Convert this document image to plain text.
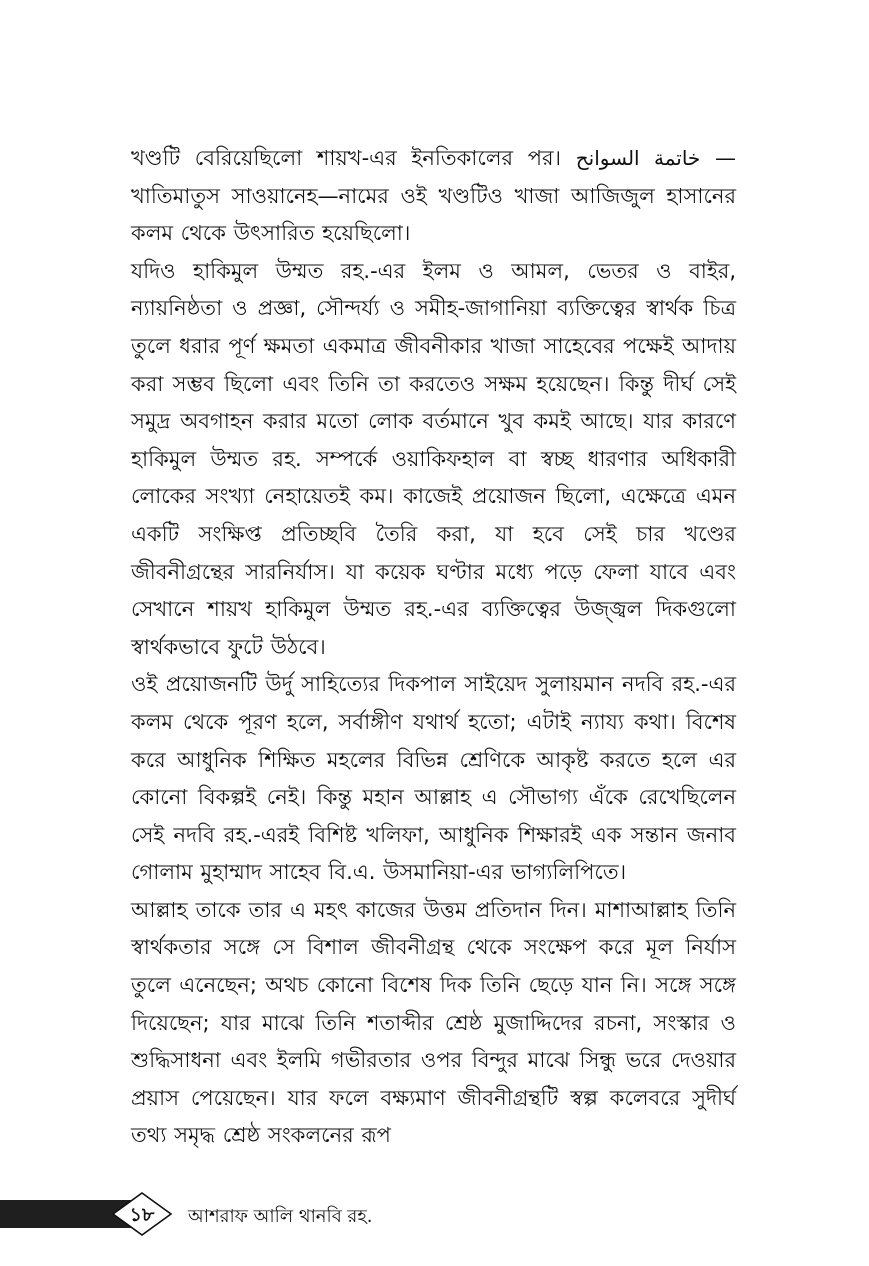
খণ্ডটি বেরিয়েছিলো শায়খ-এর ইনতিকালের পর। خاتمة السوانح —খাতিমাতুস সাওয়ানেহ—নামের ওই খণ্ডটিও খাজা আজিজুল হাসানের কলম থেকে উৎসারিত হয়েছিলো।

যদিও হাকিমুল উম্মত রহ.-এর ইলম ও আমল, ভেতর ও বাইর, ন্যায়নিষ্ঠতা ও প্রজ্ঞা, সৌন্দর্য্য ও সমীহ-জাগানিয়া ব্যক্তিত্বের স্বার্থক চিত্র তুলে ধরার পূর্ণ ক্ষমতা একমাত্র জীবনীকার খাজা সাহেবের পক্ষেই আদায় করা সম্ভব ছিলো এবং তিনি তা করতেও সক্ষম হয়েছেন। কিন্তু দীর্ঘ সেই সমুদ্র অবগাহন করার মতো লোক বর্তমানে খুব কমই আছে। যার কারণে হাকিমুল উম্মত রহ. সম্পর্কে ওয়াকিফহাল বা স্বচ্ছ ধারণার অধিকারী লোকের সংখ্যা নেহায়েতই কম। কাজেই প্রয়োজন ছিলো, এক্ষেত্রে এমন একটি সংক্ষিপ্ত প্রতিচ্ছবি তৈরি করা, যা হবে সেই চার খণ্ডের জীবনীগ্রন্থের সারনির্যাস। যা কয়েক ঘণ্টার মধ্যে পড়ে ফেলা যাবে এবং সেখানে শায়খ হাকিমুল উম্মত রহ.-এর ব্যক্তিত্বের উজ্জ্বল দিকগুলো স্বার্থকভাবে ফুটে উঠবে।

ওই প্রয়োজনটি উর্দু সাহিত্যের দিকপাল সাইয়েদ সুলায়মান নদবি রহ.-এর কলম থেকে পূরণ হলে, সর্বাঙ্গীণ যথার্থ হতো; এটাই ন্যায্য কথা। বিশেষ করে আধুনিক শিক্ষিত মহলের বিভিন্ন শ্রেণিকে আকৃষ্ট করতে হলে এর কোনো বিকল্পই নেই। কিন্তু মহান আল্লাহ এ সৌভাগ্য এঁকে রেখেছিলেন সেই নদবি রহ.-এরই বিশিষ্ট খলিফা, আধুনিক শিক্ষারই এক সন্তান জনাব গোলাম মুহাম্মাদ সাহেব বি.এ. উসমানিয়া-এর ভাগ্যলিপিতে।

আল্লাহ তাকে তার এ মহৎ কাজের উত্তম প্রতিদান দিন। মাশাআল্লাহ তিনি স্বার্থকতার সঙ্গে সে বিশাল জীবনীগ্রন্থ থেকে সংক্ষেপ করে মূল নির্যাস তুলে এনেছেন; অথচ কোনো বিশেষ দিক তিনি ছেড়ে যান নি। সঙ্গে সঙ্গে দিয়েছেন; যার মাঝে তিনি শতাব্দীর শ্রেষ্ঠ মুজাদ্দিদের রচনা, সংস্কার ও শুদ্ধিসাধনা এবং ইলমি গভীরতার ওপর বিন্দুর মাঝে সিন্ধু ভরে দেওয়ার প্রয়াস পেয়েছেন। যার ফলে বক্ষ্যমাণ জীবনীগ্রন্থটি স্বল্প কলেবরে সুদীর্ঘ তথ্য সমৃদ্ধ শ্রেষ্ঠ সংকলনের রূপ

১৮	আশরাফ আলি থানবি রহ.
